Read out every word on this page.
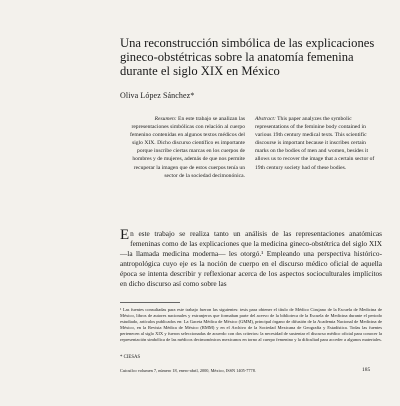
Una reconstrucción simbólica de las explicaciones gineco-obstétricas sobre la anatomía femenina durante el siglo XIX en México
Oliva López Sánchez*
Resumen: En este trabajo se analizan las representaciones simbólicas con relación al cuerpo femenino contenidas en algunos textos médicos del siglo XIX. Dicho discurso científico es importante porque inscribe ciertas marcas en los cuerpos de hombres y de mujeres, además de que nos permite recuperar la imagen que de estos cuerpos tenía un sector de la sociedad decimonónica.
Abstract: This paper analyzes the symbolic representations of the feminine body contained in various 19th century medical texts. This scientific discourse is important because it inscribes certain marks on the bodies of men and women, besides it allows us to recover the image that a certain sector of 19th century society had of these bodies.
En este trabajo se realiza tanto un análisis de las representaciones anatómicas femeninas como de las explicaciones que la medicina gineco-obstétrica del siglo XIX —la llamada medicina moderna— les otorgó.¹ Empleando una perspectiva histórico-antropológica cuyo eje es la noción de cuerpo en el discurso médico oficial de aquella época se intenta describir y reflexionar acerca de los aspectos socioculturales implícitos en dicho discurso así como sobre las
¹ Las fuentes consultadas para este trabajo fueron las siguientes: tesis para obtener el título de Médico Cirujano de la Escuela de Medicina de México, libros de autores nacionales y extranjeros que formaban parte del acervo de la biblioteca de la Escuela de Medicina durante el periodo estudiado, artículos publicados en: La Gaceta Médica de México (GMM), principal órgano de difusión de la Academia Nacional de Medicina de México, en la Revista Médica de México (RMM) y en el Archivo de la Sociedad Mexicana de Geografía y Estadística. Todas las fuentes pertenecen al siglo XIX y fueron seleccionadas de acuerdo con dos criterios: la necesidad de sustentar el discurso médico oficial para conocer la representación simbólica de las médicos decimonónicos mexicanos en torno al cuerpo femenino y la dificultad para acceder a algunos materiales.
* CIESAS
Cuicuilco volumen 7, número 18, enero-abril, 2000, México, ISSN 1405-7778.	185
